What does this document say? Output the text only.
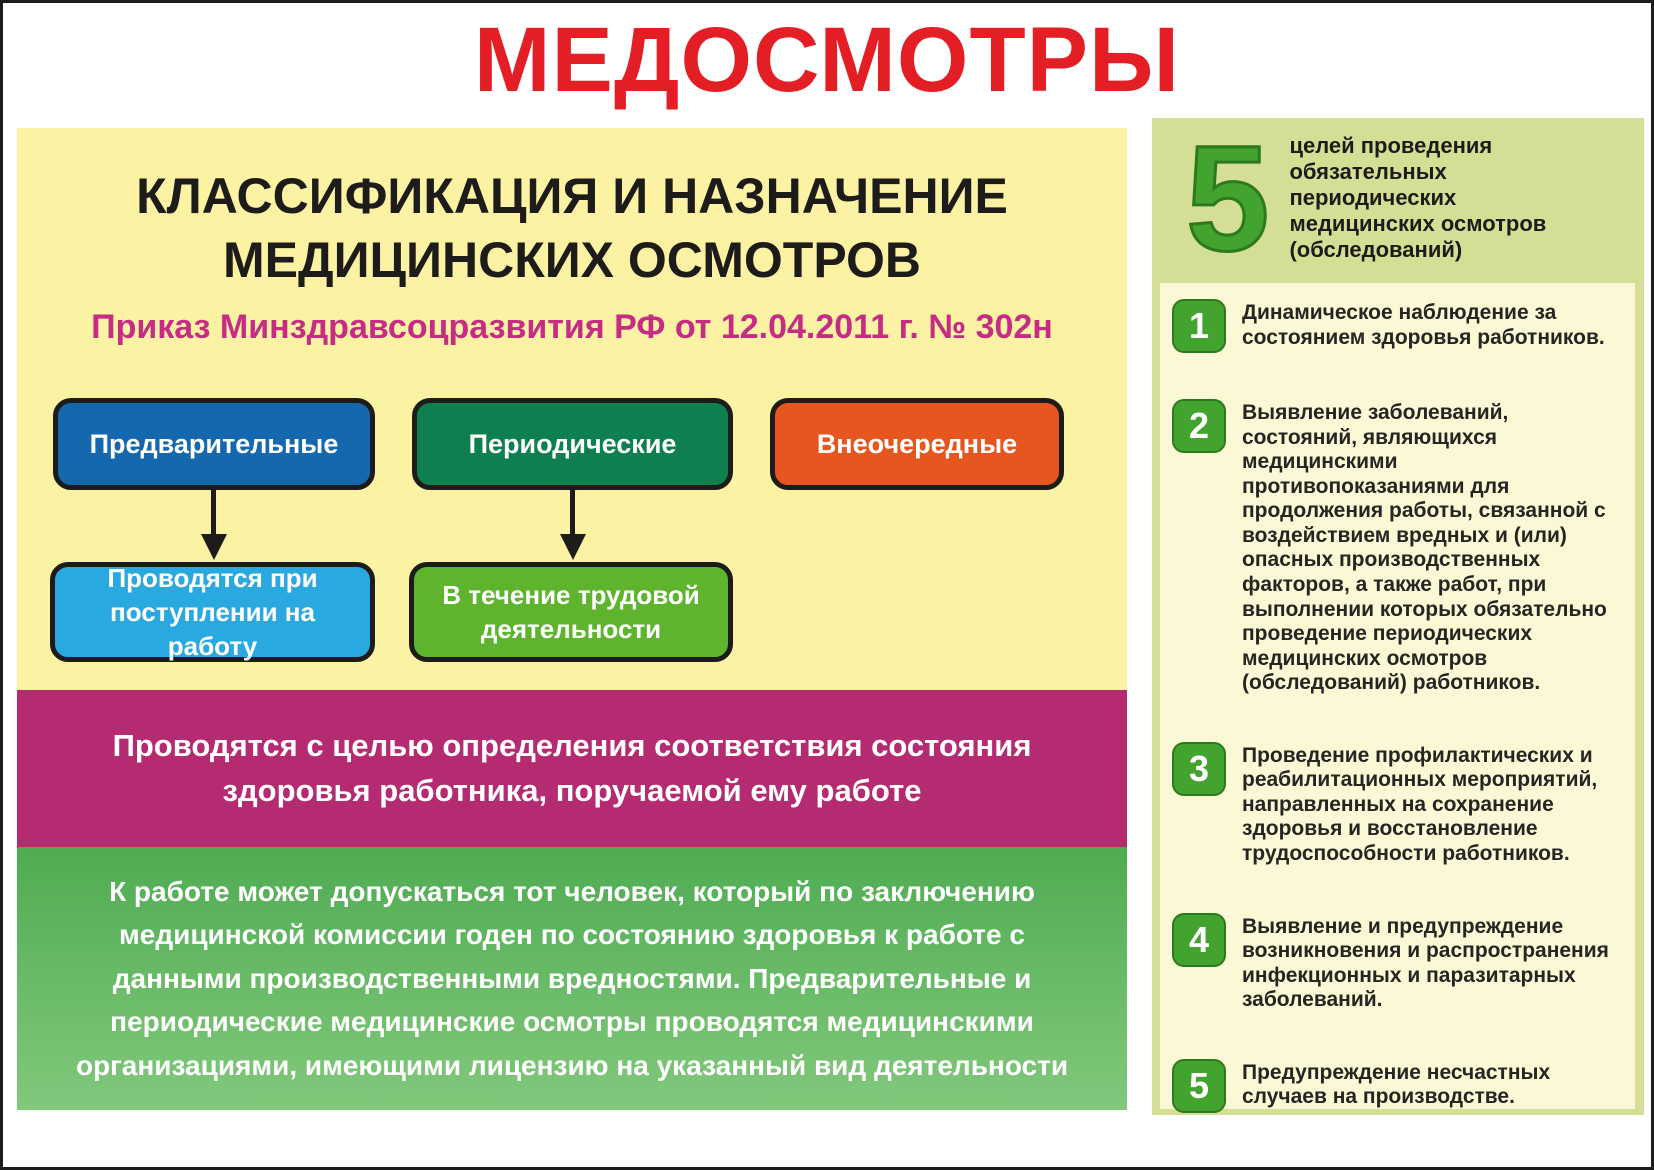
МЕДОСМОТРЫ
КЛАССИФИКАЦИЯ И НАЗНАЧЕНИЕ МЕДИЦИНСКИХ ОСМОТРОВ
Приказ Минздравсоцразвития РФ от 12.04.2011 г. № 302н
Предварительные	Периодические	Внеочередные
Проводятся при поступлении на работу
В течение трудовой деятельности
Проводятся с целью определения соответствия состояния здоровья работника, поручаемой ему работе
К работе может допускаться тот человек, который по заключению медицинской комиссии годен по состоянию здоровья к работе с данными производственными вредностями. Предварительные и периодические медицинские осмотры проводятся медицинскими организациями, имеющими лицензию на указанный вид деятельности
5 целей проведения обязательных периодических медицинских осмотров (обследований)
1	Динамическое наблюдение за состоянием здоровья работников.
2	Выявление заболеваний, состояний, являющихся медицинскими противопоказаниями для продолжения работы, связанной с воздействием вредных и (или) опасных производственных факторов, а также работ, при выполнении которых обязательно проведение периодических медицинских осмотров (обследований) работников.
3	Проведение профилактических и реабилитационных мероприятий, направленных на сохранение здоровья и восстановление трудоспособности работников.
4	Выявление и предупреждение возникновения и распространения инфекционных и паразитарных заболеваний.
5	Предупреждение несчастных случаев на производстве.
